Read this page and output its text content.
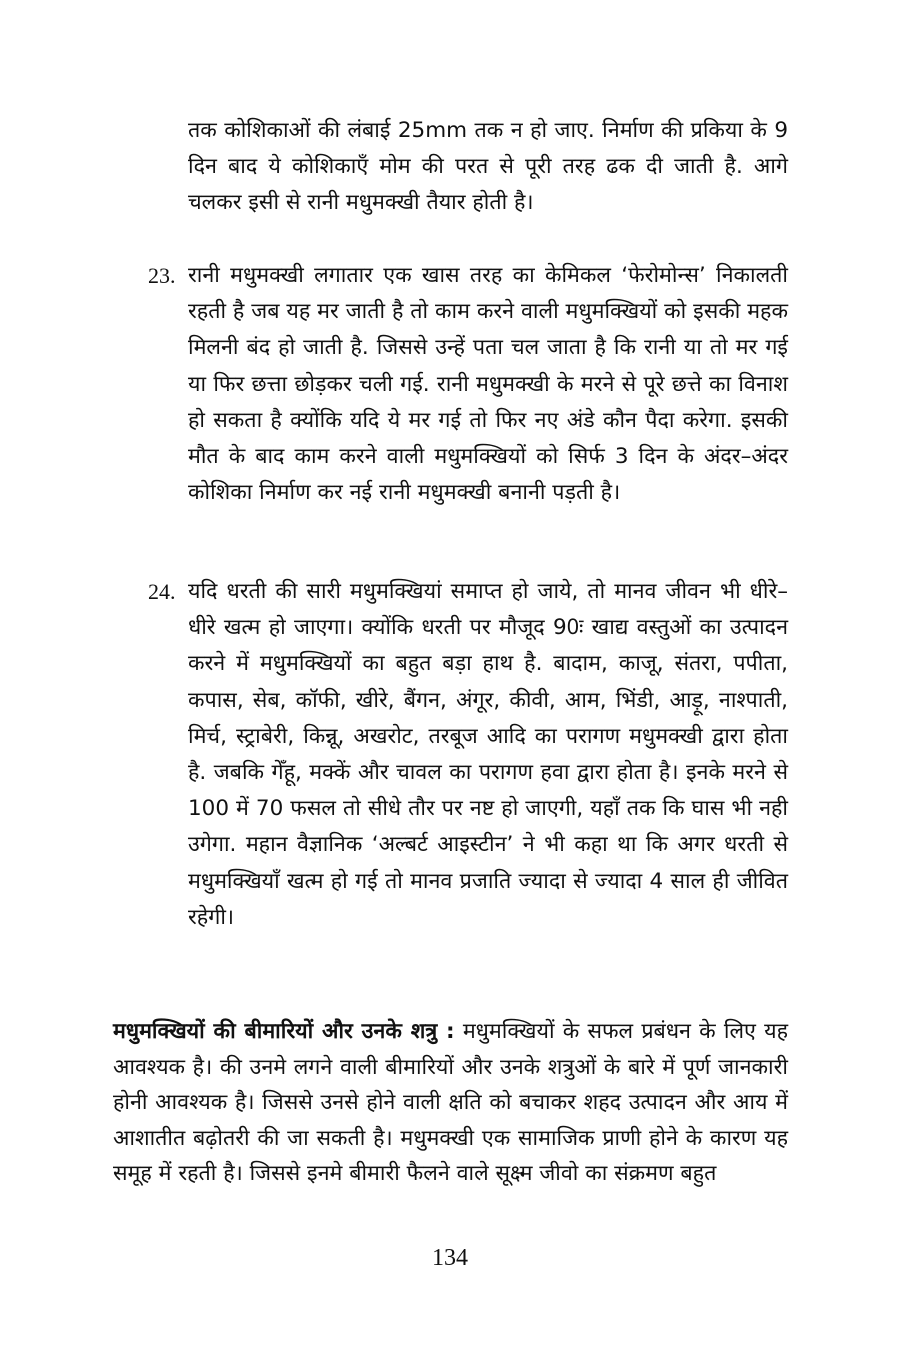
तक कोशिकाओं की लंबाई 25mm तक न हो जाए. निर्माण की प्रकिया के 9 दिन बाद ये कोशिकाएँ मोम की परत से पूरी तरह ढक दी जाती है. आगे चलकर इसी से रानी मधुमक्खी तैयार होती है।

23. रानी मधुमक्खी लगातार एक खास तरह का केमिकल ‘फेरोमोन्स’ निकालती रहती है जब यह मर जाती है तो काम करने वाली मधुमक्खियों को इसकी महक मिलनी बंद हो जाती है. जिससे उन्हें पता चल जाता है कि रानी या तो मर गई या फिर छत्ता छोड़कर चली गई. रानी मधुमक्खी के मरने से पूरे छत्ते का विनाश हो सकता है क्योंकि यदि ये मर गई तो फिर नए अंडे कौन पैदा करेगा. इसकी मौत के बाद काम करने वाली मधुमक्खियों को सिर्फ 3 दिन के अंदर–अंदर कोशिका निर्माण कर नई रानी मधुमक्खी बनानी पड़ती है।

24. यदि धरती की सारी मधुमक्खियां समाप्त हो जाये, तो मानव जीवन भी धीरे–धीरे खत्म हो जाएगा। क्योंकि धरती पर मौजूद 90ः खाद्य वस्तुओं का उत्पादन करने में मधुमक्खियों का बहुत बड़ा हाथ है. बादाम, काजू, संतरा, पपीता, कपास, सेब, कॉफी, खीरे, बैंगन, अंगूर, कीवी, आम, भिंडी, आड़ू, नाश्पाती, मिर्च, स्ट्राबेरी, किन्नू, अखरोट, तरबूज आदि का परागण मधुमक्खी द्वारा होता है. जबकि गेँहू, मक्कें और चावल का परागण हवा द्वारा होता है। इनके मरने से 100 में 70 फसल तो सीधे तौर पर नष्ट हो जाएगी, यहाँ तक कि घास भी नही उगेगा. महान वैज्ञानिक ‘अल्बर्ट आइस्टीन’ ने भी कहा था कि अगर धरती से मधुमक्खियाँ खत्म हो गई तो मानव प्रजाति ज्यादा से ज्यादा 4 साल ही जीवित रहेगी।

मधुमक्खियों की बीमारियों और उनके शत्रु : मधुमक्खियों के सफल प्रबंधन के लिए यह आवश्यक है। की उनमे लगने वाली बीमारियों और उनके शत्रुओं के बारे में पूर्ण जानकारी होनी आवश्यक है। जिससे उनसे होने वाली क्षति को बचाकर शहद उत्पादन और आय में आशातीत बढ़ोतरी की जा सकती है। मधुमक्खी एक सामाजिक प्राणी होने के कारण यह समूह में रहती है। जिससे इनमे बीमारी फैलने वाले सूक्ष्म जीवो का संक्रमण बहुत

134
